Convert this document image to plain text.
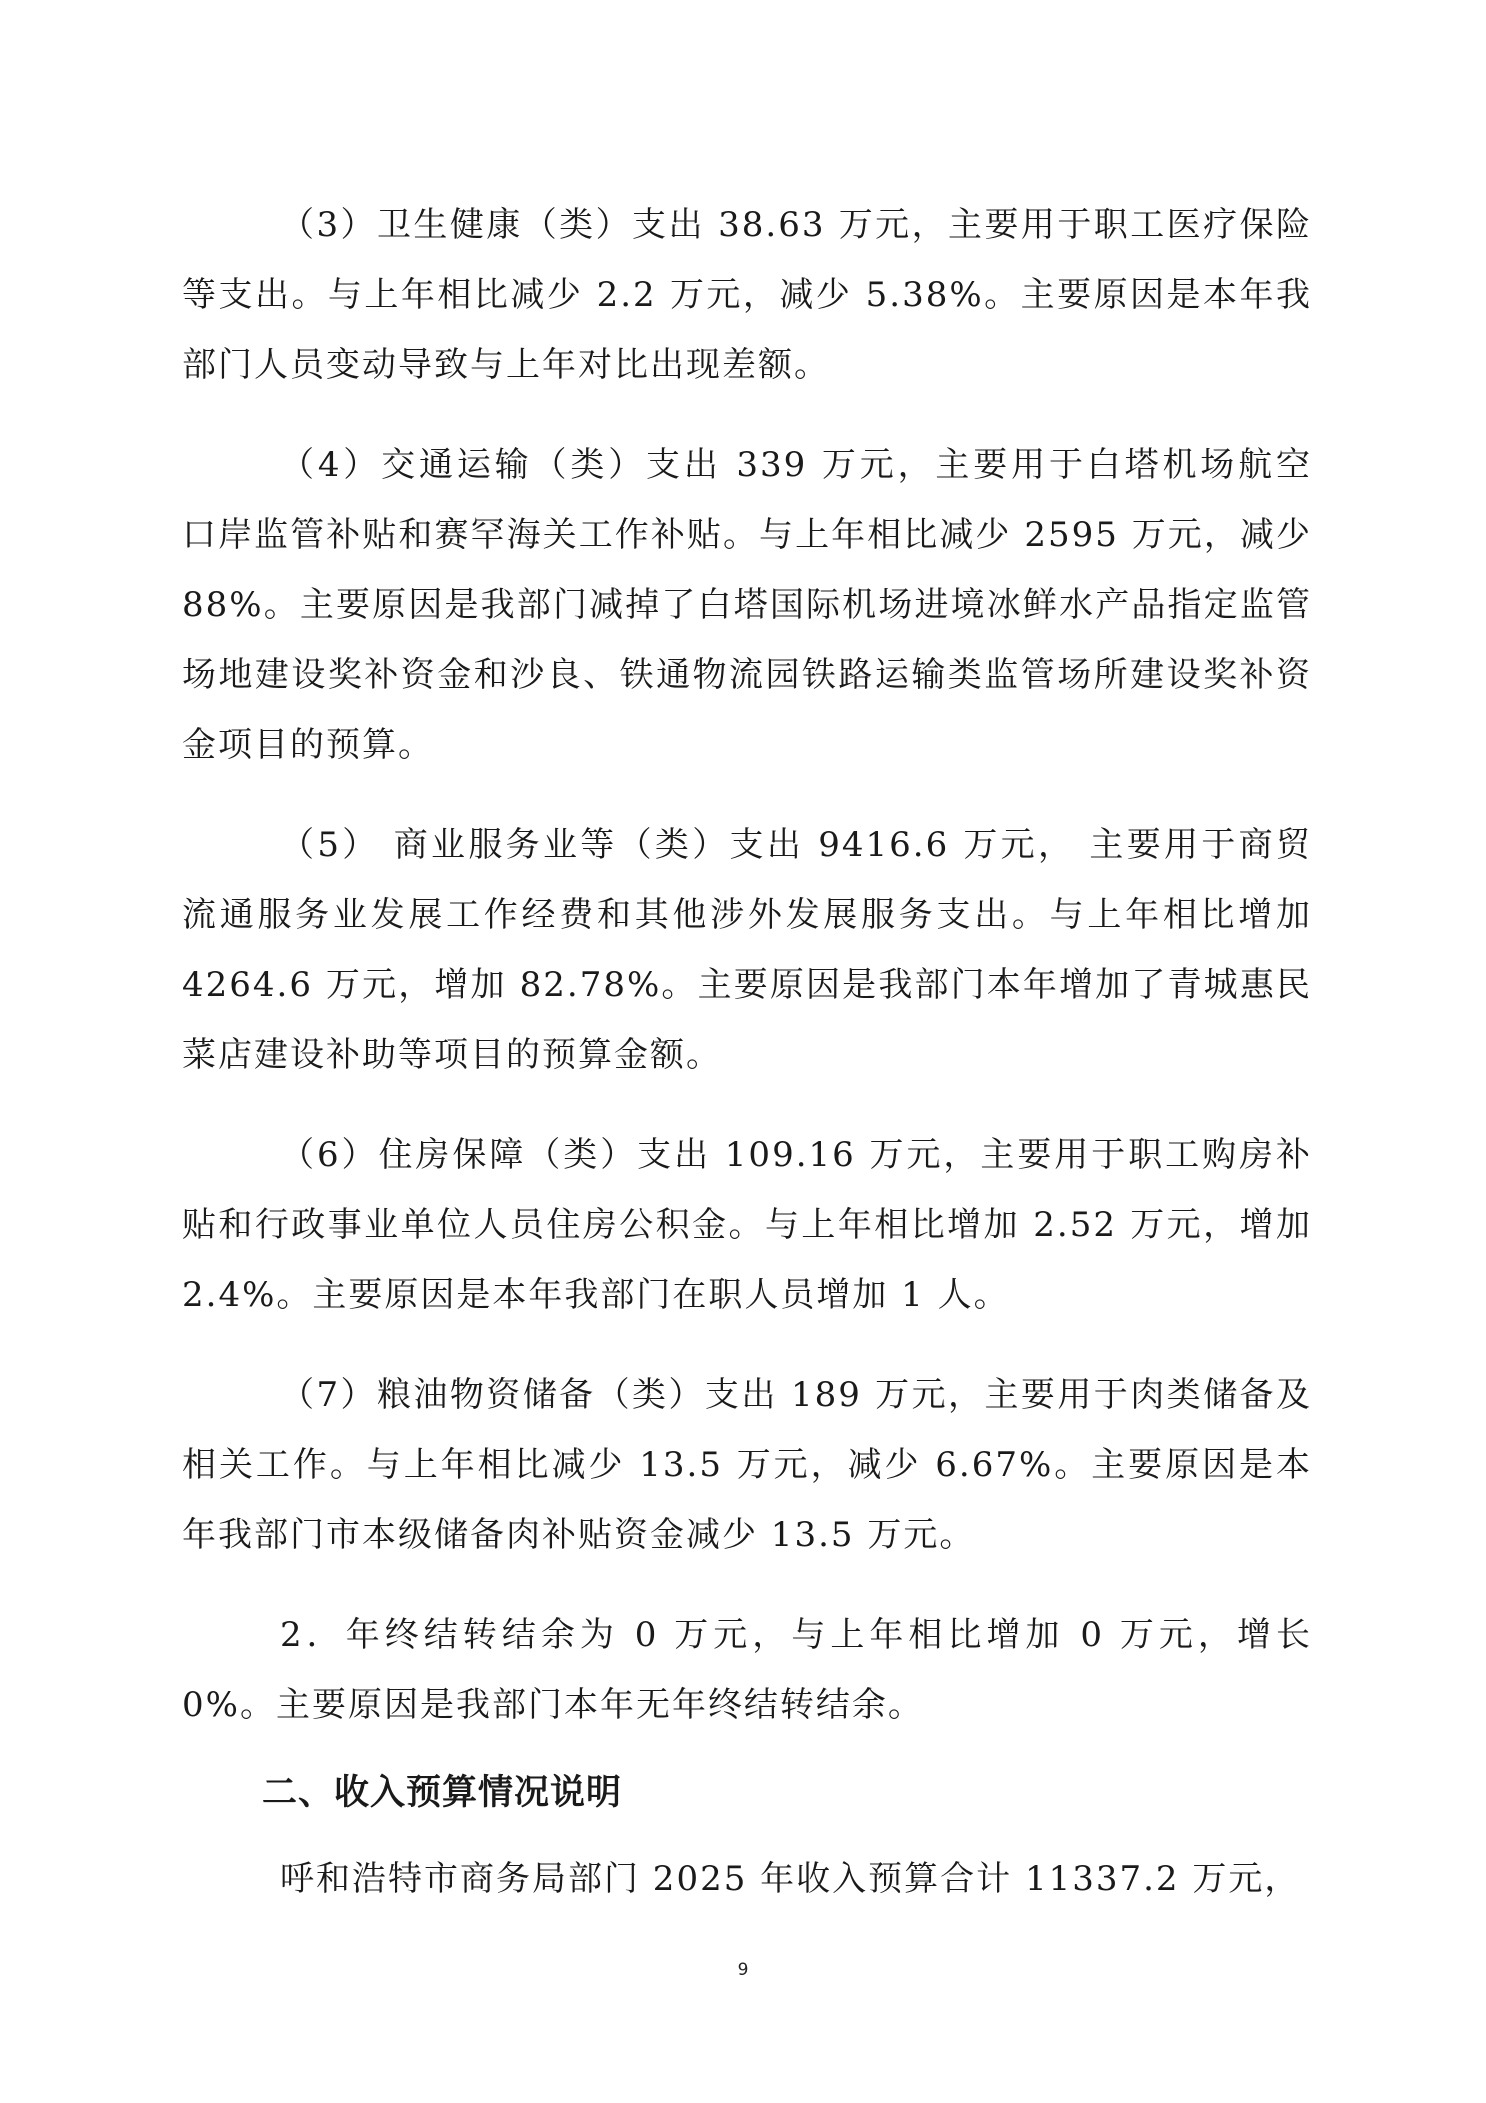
（3）卫生健康（类）支出 38.63 万元，主要用于职工医疗保险等支出。与上年相比减少 2.2 万元，减少 5.38%。主要原因是本年我部门人员变动导致与上年对比出现差额。

（4）交通运输（类）支出 339 万元，主要用于白塔机场航空 口岸监管补贴和赛罕海关工作补贴。与上年相比减少 2595 万元，减少 88%。主要原因是我部门减掉了白塔国际机场进境冰鲜水产品指定监管场地建设奖补资金和沙良、铁通物流园铁路运输类监管场所建设奖补资金项目的预算。

（5） 商业服务业等（类）支出 9416.6 万元， 主要用于商贸流通服务业发展工作经费和其他涉外发展服务支出。与上年相比增加 4264.6 万元，增加 82.78%。主要原因是我部门本年增加了青城惠民菜店建设补助等项目的预算金额。

（6）住房保障（类）支出 109.16 万元，主要用于职工购房补贴和行政事业单位人员住房公积金。与上年相比增加 2.52 万元，增加 2.4%。主要原因是本年我部门在职人员增加 1 人。

（7）粮油物资储备（类）支出 189 万元，主要用于肉类储备及相关工作。与上年相比减少 13.5 万元，减少 6.67%。主要原因是本年我部门市本级储备肉补贴资金减少 13.5 万元。

2．年终结转结余为 0 万元，与上年相比增加 0 万元，增长 0%。主要原因是我部门本年无年终结转结余。

二、收入预算情况说明

呼和浩特市商务局部门 2025 年收入预算合计 11337.2 万元，

9
